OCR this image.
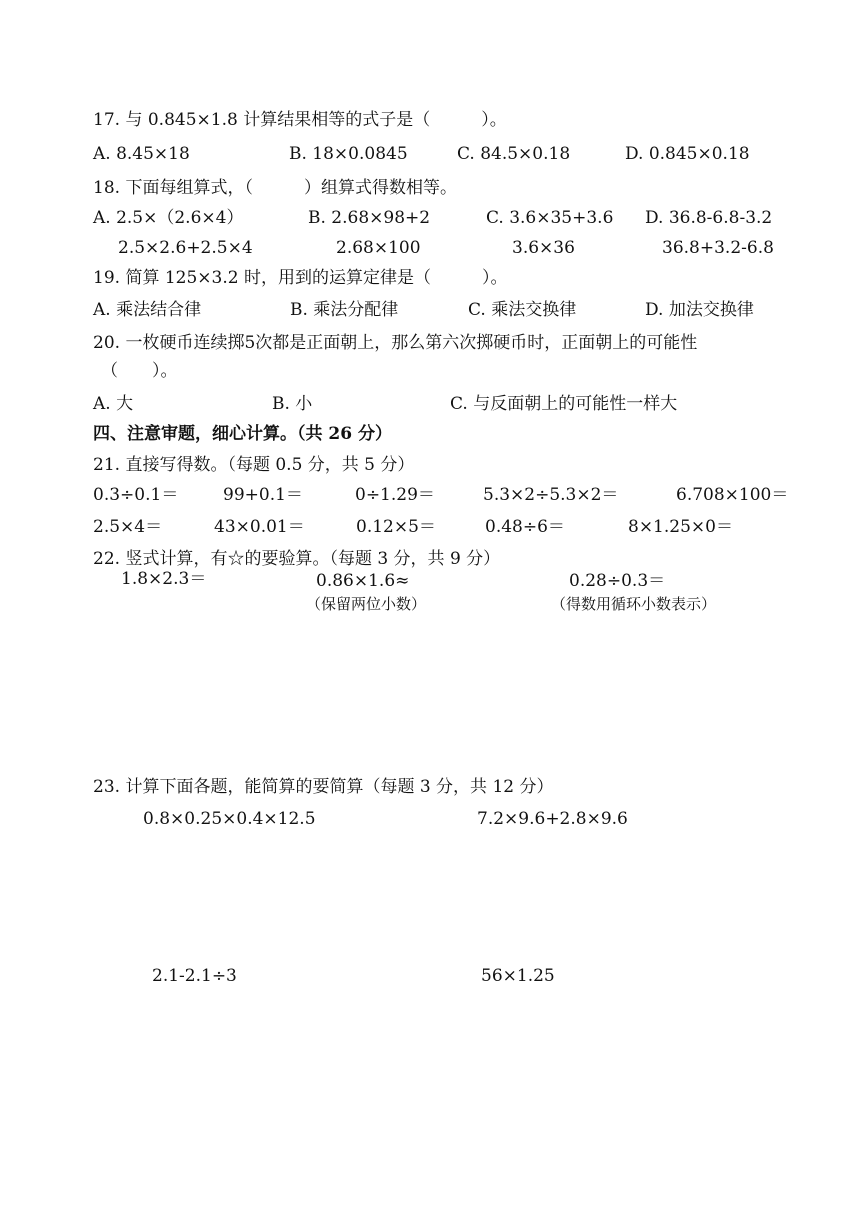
17. 与 0.845×1.8 计算结果相等的式子是（　　　）。
A. 8.45×18	B. 18×0.0845	C. 84.5×0.18	D. 0.845×0.18
18. 下面每组算式，（　　　）组算式得数相等。
A. 2.5×（2.6×4）	B. 2.68×98+2	C. 3.6×35+3.6 D. 36.8-6.8-3.2
2.5×2.6+2.5×4	2.68×100	3.6×36	36.8+3.2-6.8
19. 简算 125×3.2 时，用到的运算定律是（　　　）。
A. 乘法结合律	B. 乘法分配律	C. 乘法交换律	D. 加法交换律
20. 一枚硬币连续掷5次都是正面朝上，那么第六次掷硬币时，正面朝上的可能性
（　　）。
A. 大	B. 小	C. 与反面朝上的可能性一样大
四、注意审题，细心计算。（共 26 分）
21. 直接写得数。（每题 0.5 分，共 5 分）
0.3÷0.1＝	99+0.1＝	0÷1.29＝	5.3×2÷5.3×2＝	6.708×100＝
2.5×4＝	43×0.01＝	0.12×5＝	0.48÷6＝	8×1.25×0＝
22. 竖式计算，有☆的要验算。（每题 3 分，共 9 分）
1.8×2.3＝	0.86×1.6≈	0.28÷0.3＝
（保留两位小数）	（得数用循环小数表示）
23. 计算下面各题，能简算的要简算（每题 3 分，共 12 分）
0.8×0.25×0.4×12.5	7.2×9.6+2.8×9.6
2.1-2.1÷3	56×1.25
